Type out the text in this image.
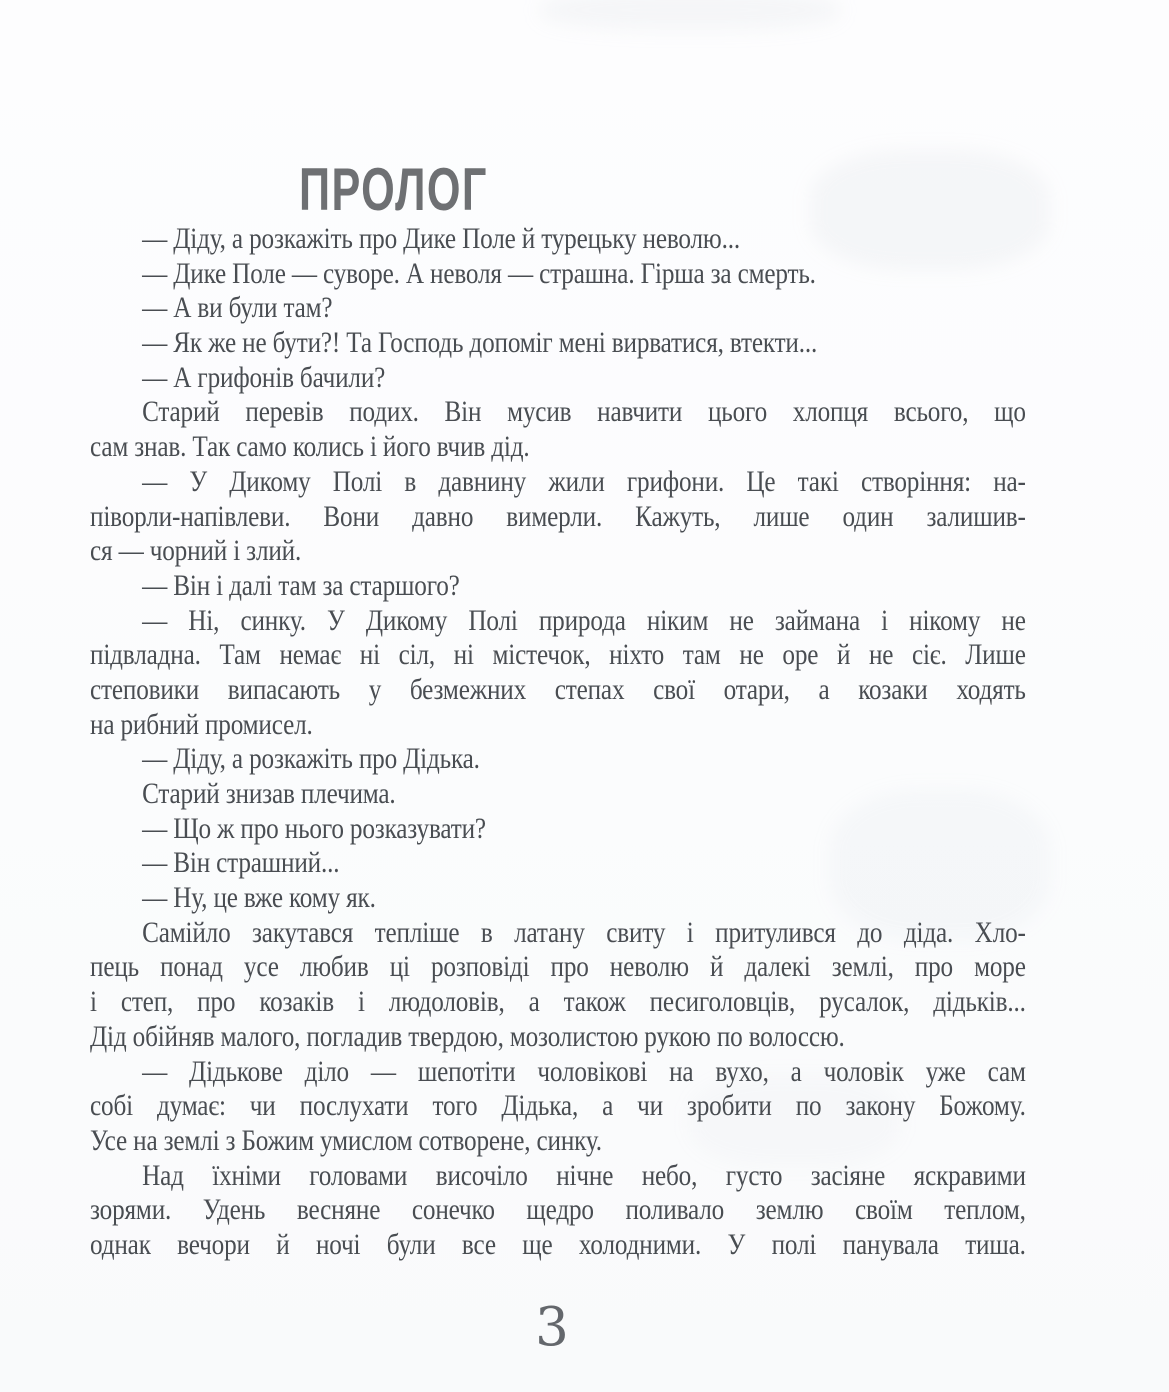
ПРОЛОГ
— Діду, а розкажіть про Дике Поле й турецьку неволю...
— Дике Поле — суворе. А неволя — страшна. Гірша за смерть.
— А ви були там?
— Як же не бути?! Та Господь допоміг мені вирватися, втекти...
— А грифонів бачили?
Старий перевів подих. Він мусив навчити цього хлопця всього, що
сам знав. Так само колись і його вчив дід.
— У Дикому Полі в давнину жили грифони. Це такі створіння: на-
піворли-напівлеви. Вони давно вимерли. Кажуть, лише один залишив-
ся — чорний і злий.
— Він і далі там за старшого?
— Ні, синку. У Дикому Полі природа ніким не займана і нікому не
підвладна. Там немає ні сіл, ні містечок, ніхто там не оре й не сіє. Лише
степовики випасають у безмежних степах свої отари, а козаки ходять
на рибний промисел.
— Діду, а розкажіть про Дідька.
Старий знизав плечима.
— Що ж про нього розказувати?
— Він страшний...
— Ну, це вже кому як.
Самійло закутався тепліше в латану свиту і притулився до діда. Хло-
пець понад усе любив ці розповіді про неволю й далекі землі, про море
і степ, про козаків і людоловів, а також песиголовців, русалок, дідьків...
Дід обійняв малого, погладив твердою, мозолистою рукою по волоссю.
— Дідькове діло — шепотіти чоловікові на вухо, а чоловік уже сам
собі думає: чи послухати того Дідька, а чи зробити по закону Божому.
Усе на землі з Божим умислом сотворене, синку.
Над їхніми головами височіло нічне небо, густо засіяне яскравими
зорями. Удень весняне сонечко щедро поливало землю своїм теплом,
однак вечори й ночі були все ще холодними. У полі панувала тиша.
3
